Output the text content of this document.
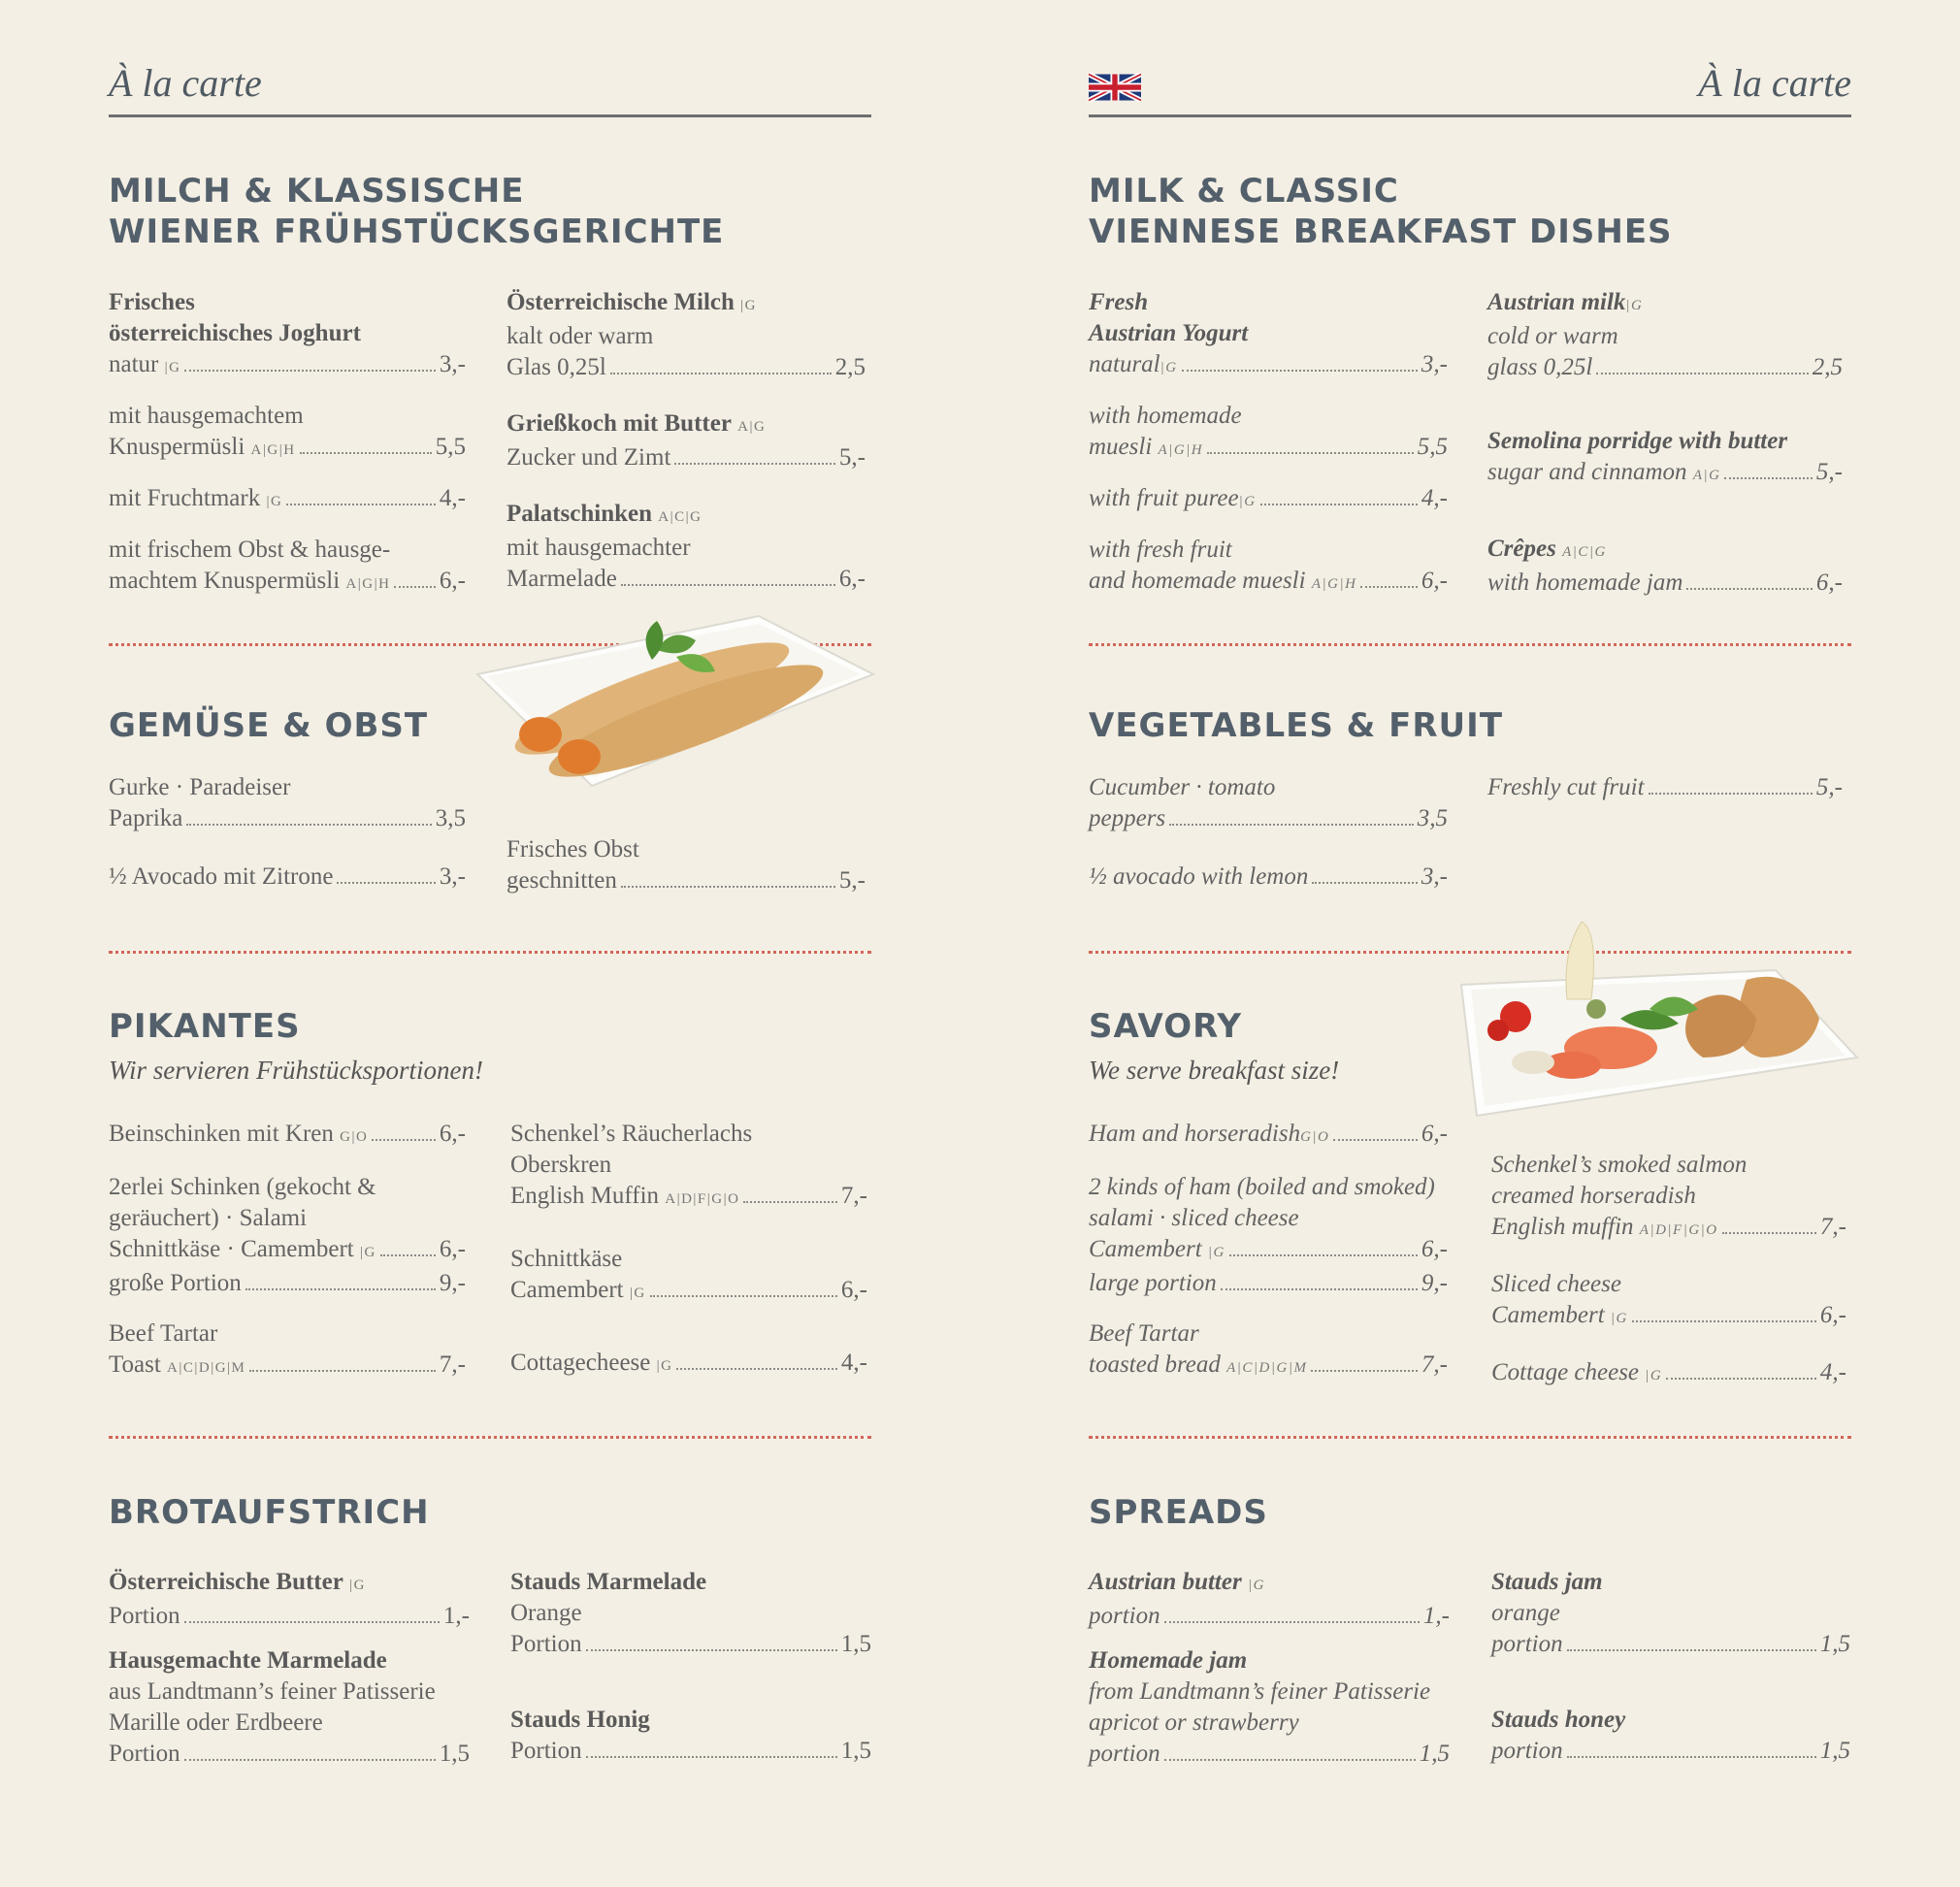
À la carte
MILCH & KLASSISCHE
WIENER FRÜHSTÜCKSGERICHTE
Frisches
österreichisches Joghurt
natur
|G	3,-
mit hausgemachtem
Knuspermüsli
A|G|H	5,5
mit Fruchtmark
|G	4,-
mit frischem Obst & hausge-
machtem Knuspermüsli
A|G|H 6,-
Österreichische Milch |G
kalt oder warm
Glas 0,25l	2,5
Grießkoch mit Butter A|G
Zucker und Zimt	5,-
Palatschinken A|C|G
mit hausgemachter
Marmelade	6,-
GEMÜSE & OBST
Gurke · Paradeiser
Paprika	3,5
½ Avocado mit Zitrone	3,-
Frisches Obst
geschnitten	5,-
PIKANTES
Wir servieren Frühstücksportionen!
Beinschinken mit Kren
G|O	6,-
2erlei Schinken (gekocht &
geräuchert) · Salami
Schnittkäse · Camembert
|G	6,-
große Portion	9,-
Beef Tartar
Toast
A|C|D|G|M	7,-
Schenkel’s Räucherlachs
Oberskren
English Muffin
A|D|F|G|O	7,-
Schnittkäse
Camembert
|G	6,-
Cottagecheese
|G	4,-
BROTAUFSTRICH
Österreichische Butter |G
Portion	1,-
Hausgemachte Marmelade
aus Landtmann’s feiner Patisserie
Marille oder Erdbeere
Portion	1,5
Stauds Marmelade
Orange
Portion	1,5
Stauds Honig
Portion	1,5
À la carte
MILK & CLASSIC
VIENNESE BREAKFAST DISHES
Fresh
Austrian Yogurt
natural |G	3,-
with homemade
muesli
A|G|H	5,5
with fruit puree |G	4,-
with fresh fruit
and homemade muesli
A|G|H	6,-
Austrian milk|G
cold or warm
glass 0,25l	2,5
Semolina porridge with butter
sugar and cinnamon
A|G	5,-
Crêpes A|C|G
with homemade jam	6,-
VEGETABLES & FRUIT
Cucumber · tomato
peppers	3,5
½ avocado with lemon	3,-
Freshly cut fruit	5,-
SAVORY
We serve breakfast size!
Ham and horseradish G|O	6,-
2 kinds of ham (boiled and smoked)
salami · sliced cheese
Camembert
|G	6,-
large portion	9,-
Beef Tartar
toasted bread
A|C|D|G|M	7,-
Schenkel’s smoked salmon
creamed horseradish
English muffin
A|D|F|G|O	7,-
Sliced cheese
Camembert
|G	6,-
Cottage cheese
|G	4,-
SPREADS
Austrian butter |G
portion	1,-
Homemade jam
from Landtmann’s feiner Patisserie
apricot or strawberry
portion	1,5
Stauds jam
orange
portion	1,5
Stauds honey
portion	1,5
